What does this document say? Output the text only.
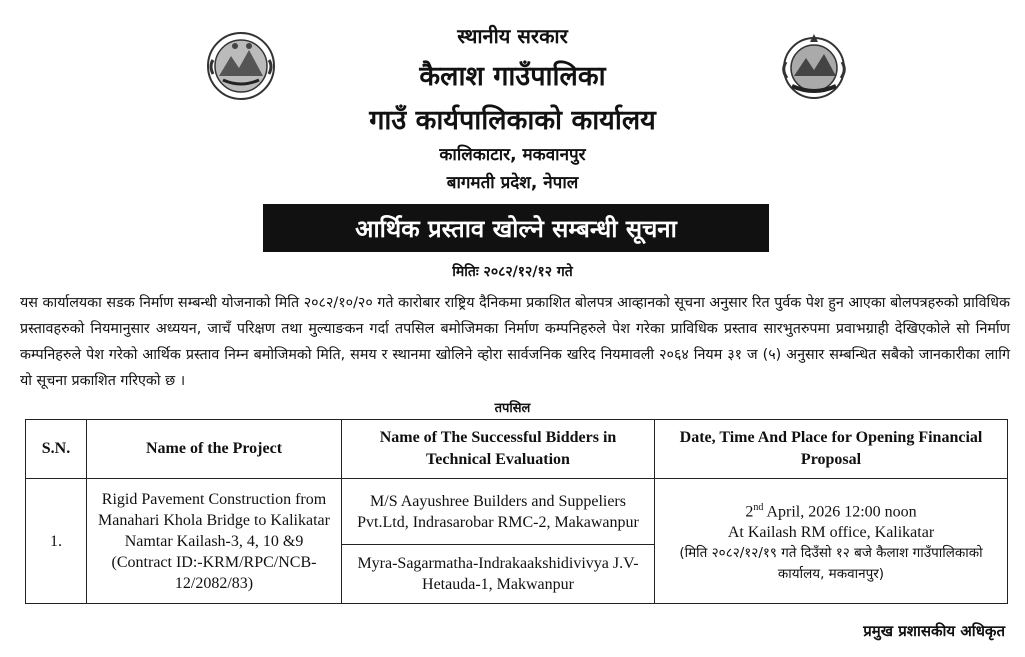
स्थानीय सरकार
कैलाश गाउँपालिका
गाउँ कार्यपालिकाको कार्यालय
कालिकाटार, मकवानपुर
बागमती प्रदेश, नेपाल
आर्थिक प्रस्ताव खोल्ने सम्बन्धी सूचना
मितिः २०८२/१२/१२ गते
यस कार्यालयका सडक निर्माण सम्बन्धी योजनाको मिति २०८२/१०/२० गते कारोबार राष्ट्रिय दैनिकमा प्रकाशित बोलपत्र आव्हानको सूचना अनुसार रित पुर्वक पेश हुन आएका बोलपत्रहरुको प्राविधिक प्रस्तावहरुको नियमानुसार अध्ययन, जाचँ परिक्षण तथा मुल्याङकन गर्दा तपसिल बमोजिमका निर्माण कम्पनिहरुले पेश गरेका प्राविधिक प्रस्ताव सारभुतरुपमा प्रवाभग्राही देखिएकोले सो निर्माण कम्पनिहरुले पेश गरेको आर्थिक प्रस्ताव निम्न बमोजिमको मिति, समय र स्थानमा खोलिने व्होरा सार्वजनिक खरिद नियमावली २०६४ नियम ३१ ज (५) अनुसार सम्बन्धित सबैको जानकारीका लागि यो सूचना प्रकाशित गरिएको छ ।
तपसिल
S.N.	Name of the Project	Name of The Successful Bidders in Technical Evaluation	Date, Time And Place for Opening Financial Proposal
1.	Rigid Pavement Construction from Manahari Khola Bridge to Kalikatar Namtar Kailash-3, 4, 10 &9 (Contract ID:-KRM/RPC/NCB-12/2082/83)	M/S Aayushree Builders and Suppeliers Pvt.Ltd, Indrasarobar RMC-2, Makawanpur	2nd April, 2026 12:00 noon
At Kailash RM office, Kalikatar
(मिति २०८२/१२/१९ गते दिउँसो १२ बजे कैलाश गाउँपालिकाको कार्यालय, मकवानपुर)

		Myra-Sagarmatha-Indrakaakshidivivya J.V-Hetauda-1, Makwanpur	
प्रमुख प्रशासकीय अधिकृत
